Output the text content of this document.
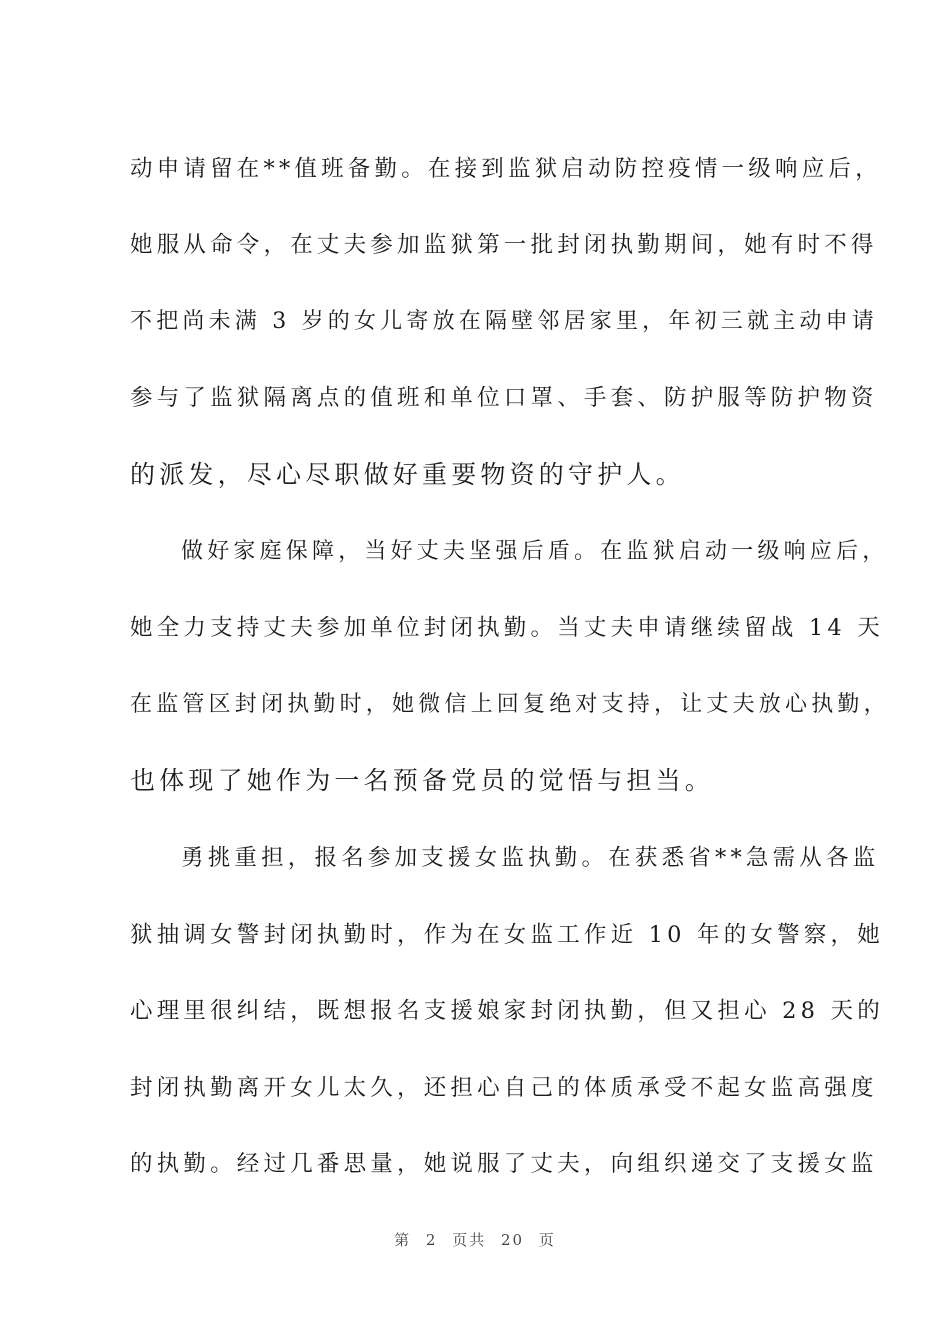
动申请留在**值班备勤。在接到监狱启动防控疫情一级响应后，
她服从命令，在丈夫参加监狱第一批封闭执勤期间，她有时不得
不把尚未满 3 岁的女儿寄放在隔壁邻居家里，年初三就主动申请
参与了监狱隔离点的值班和单位口罩、手套、防护服等防护物资
的派发，尽心尽职做好重要物资的守护人。
做好家庭保障，当好丈夫坚强后盾。在监狱启动一级响应后，
她全力支持丈夫参加单位封闭执勤。当丈夫申请继续留战 14 天
在监管区封闭执勤时，她微信上回复绝对支持，让丈夫放心执勤，
也体现了她作为一名预备党员的觉悟与担当。
勇挑重担，报名参加支援女监执勤。在获悉省**急需从各监
狱抽调女警封闭执勤时，作为在女监工作近 10 年的女警察，她
心理里很纠结，既想报名支援娘家封闭执勤，但又担心 28 天的
封闭执勤离开女儿太久，还担心自己的体质承受不起女监高强度
的执勤。经过几番思量，她说服了丈夫，向组织递交了支援女监
第 2 页共 20 页
